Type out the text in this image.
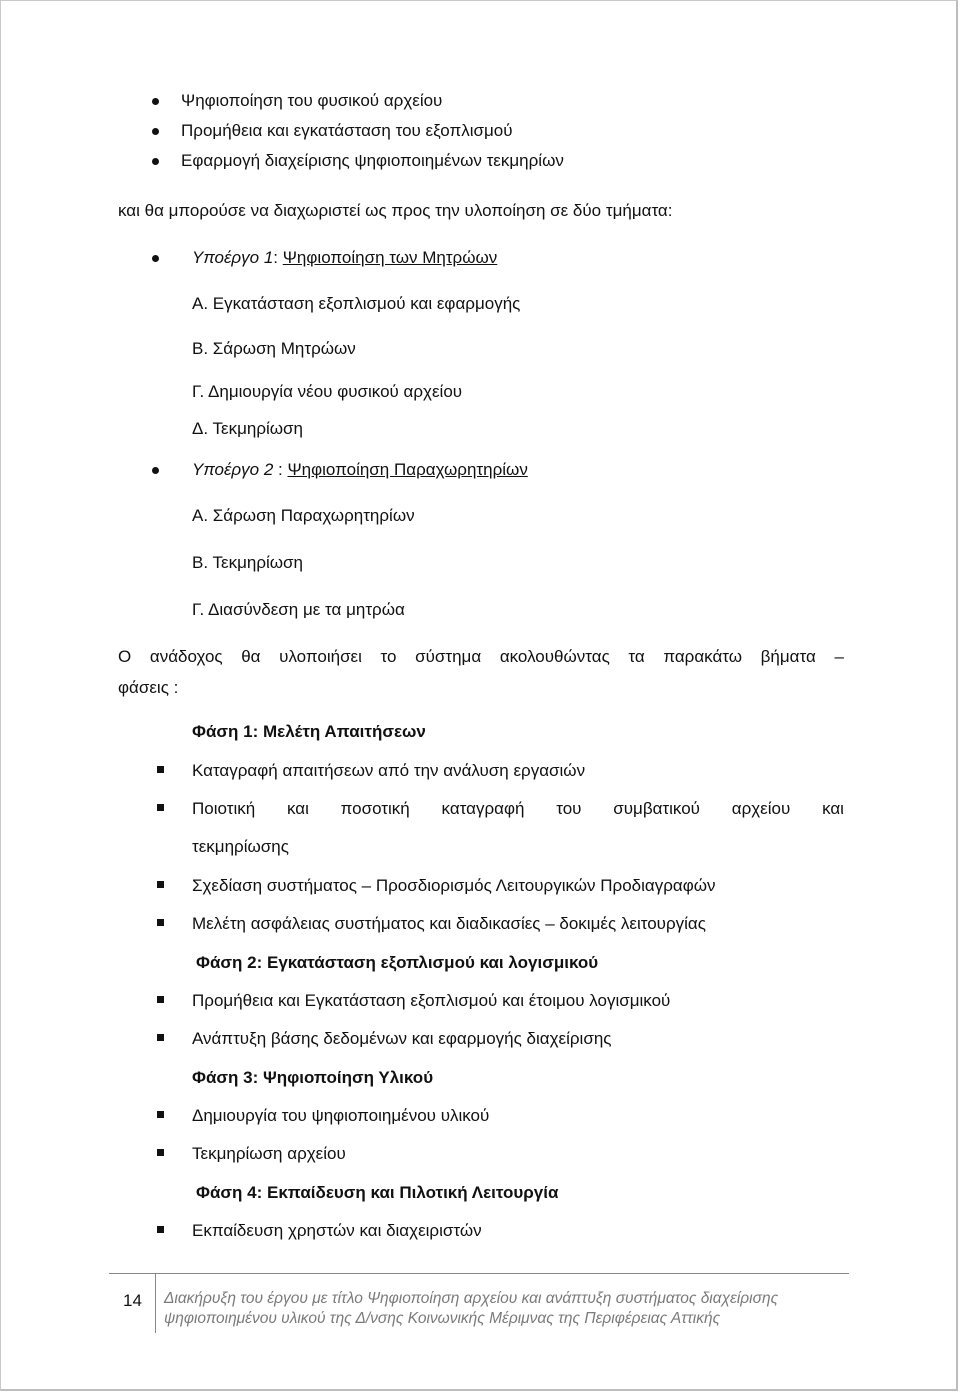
Ψηφιοποίηση του φυσικού αρχείου
Προμήθεια και εγκατάσταση του εξοπλισμού
Εφαρμογή διαχείρισης ψηφιοποιημένων τεκμηρίων
και θα μπορούσε να διαχωριστεί ως προς την υλοποίηση σε δύο τμήματα:
Υποέργο 1: Ψηφιοποίηση των Μητρώων
Α. Εγκατάσταση εξοπλισμού και εφαρμογής
Β. Σάρωση Μητρώων
Γ. Δημιουργία νέου φυσικού αρχείου
Δ. Τεκμηρίωση
Υποέργο 2 : Ψηφιοποίηση Παραχωρητηρίων
Α. Σάρωση Παραχωρητηρίων
Β. Τεκμηρίωση
Γ. Διασύνδεση με τα μητρώα
Ο ανάδοχος θα υλοποιήσει το σύστημα ακολουθώντας τα παρακάτω βήματα –
φάσεις :
Φάση 1: Μελέτη Απαιτήσεων
Καταγραφή απαιτήσεων από την ανάλυση εργασιών
Ποιοτική και ποσοτική καταγραφή του συμβατικού αρχείου και
τεκμηρίωσης
Σχεδίαση συστήματος – Προσδιορισμός Λειτουργικών Προδιαγραφών
Μελέτη ασφάλειας συστήματος και διαδικασίες – δοκιμές λειτουργίας
Φάση 2: Εγκατάσταση εξοπλισμού και λογισμικού
Προμήθεια και Εγκατάσταση εξοπλισμού και έτοιμου λογισμικού
Ανάπτυξη βάσης δεδομένων και εφαρμογής διαχείρισης
Φάση 3: Ψηφιοποίηση Υλικού
Δημιουργία του ψηφιοποιημένου υλικού
Τεκμηρίωση αρχείου
Φάση 4: Εκπαίδευση και Πιλοτική Λειτουργία
Εκπαίδευση χρηστών και διαχειριστών
14 Διακήρυξη του έργου με τίτλο Ψηφιοποίηση αρχείου και ανάπτυξη συστήματος διαχείρισης
ψηφιοποιημένου υλικού της Δ/νσης Κοινωνικής Μέριμνας της Περιφέρειας Αττικής
